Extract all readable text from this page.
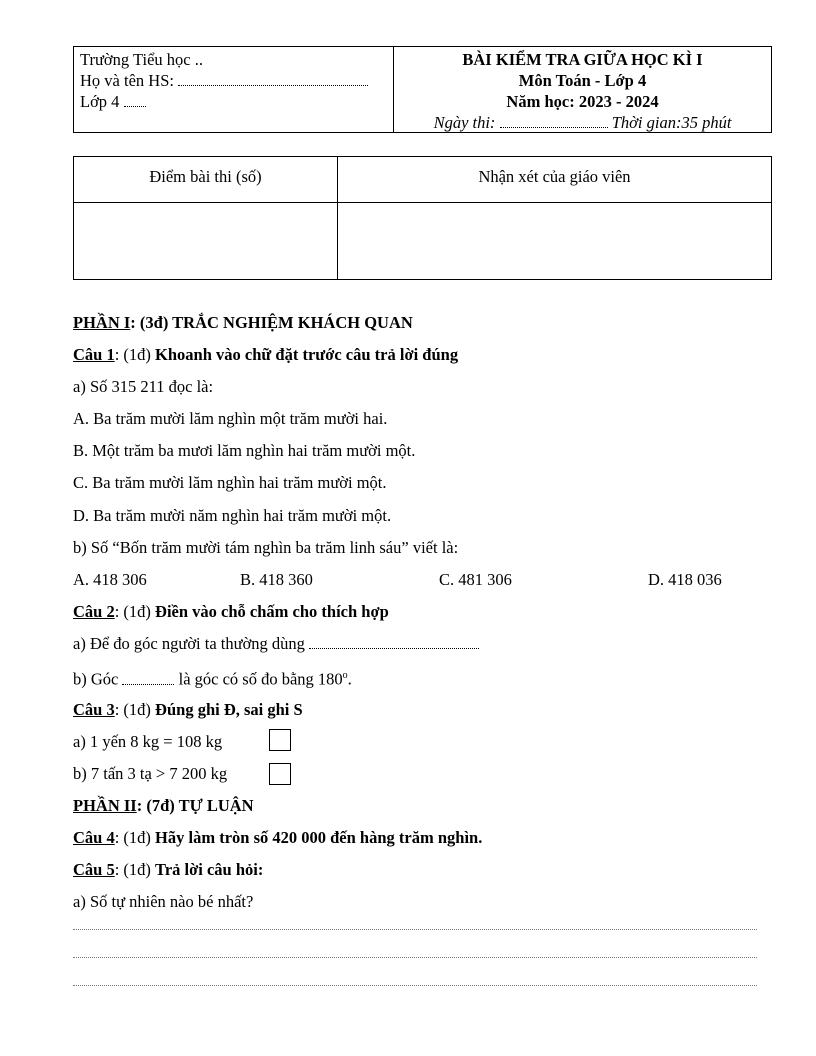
Trường Tiểu học ..
Họ và tên HS:
Lớp 4
BÀI KIỂM TRA GIỮA HỌC KÌ I
Môn Toán - Lớp 4
Năm học: 2023 - 2024
Ngày thi:	Thời gian:35 phút
Điểm bài thi (số)	Nhận xét của giáo viên
PHẦN I: (3đ) TRẮC NGHIỆM KHÁCH QUAN
Câu 1: (1đ) Khoanh vào chữ đặt trước câu trả lời đúng
a) Số 315 211 đọc là:
A. Ba trăm mười lăm nghìn một trăm mười hai.
B. Một trăm ba mươi lăm nghìn hai trăm mười một.
C. Ba trăm mười lăm nghìn hai trăm mười một.
D. Ba trăm mười năm nghìn hai trăm mười một.
b) Số “Bốn trăm mười tám nghìn ba trăm linh sáu” viết là:
A. 418 306	B. 418 360	C. 481 306	D. 418 036
Câu 2: (1đ) Điền vào chỗ chấm cho thích hợp
a) Để đo góc người ta thường dùng
b) Góc	là góc có số đo bằng 180$^o$.
Câu 3: (1đ) Đúng ghi Đ, sai ghi S
a) 1 yến 8 kg = 108 kg
b) 7 tấn 3 tạ > 7 200 kg
PHẦN II: (7đ) TỰ LUẬN
Câu 4: (1đ) Hãy làm tròn số 420 000 đến hàng trăm nghìn.
Câu 5: (1đ) Trả lời câu hỏi:
a) Số tự nhiên nào bé nhất?
